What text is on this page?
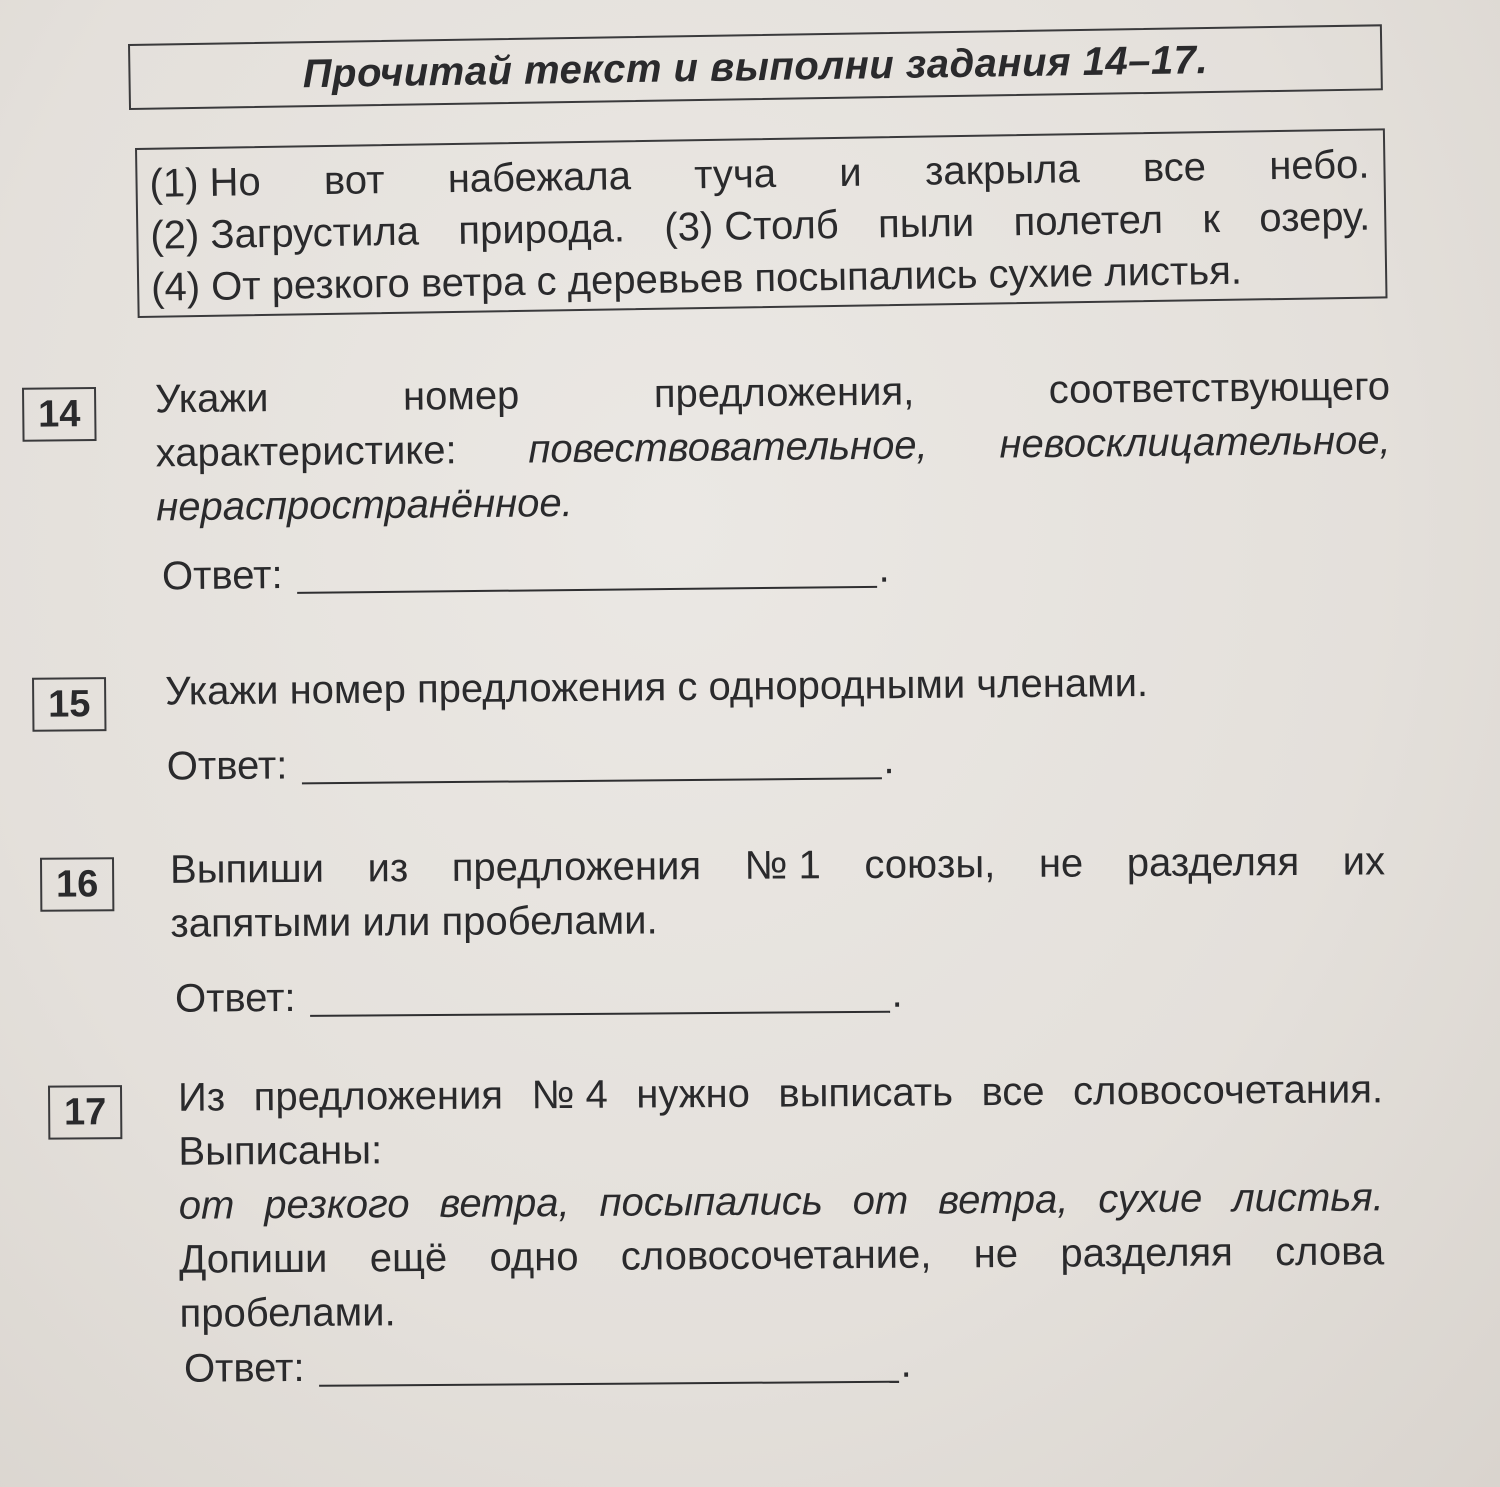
Прочитай текст и выполни задания 14–17.
(1) Но вот набежала туча и закрыла все небо.
(2) Загрустила природа. (3) Столб пыли полетел к озеру.
(4) От резкого ветра с деревьев посыпались сухие листья.
14	Укажи	номер	предложения,	соответствующего
характеристике: повествовательное, невосклицательное,
нераспространённое.
Ответ:	.
15	Укажи номер предложения с однородными членами.
Ответ:	.
16	Выпиши из предложения № 1 союзы, не разделяя их
запятыми или пробелами.
Ответ:	.
17	Из предложения № 4 нужно выписать все словосочетания.
Выписаны:
от резкого ветра, посыпались от ветра, сухие листья.
Допиши ещё одно словосочетание, не разделяя слова
пробелами.
Ответ:	.
